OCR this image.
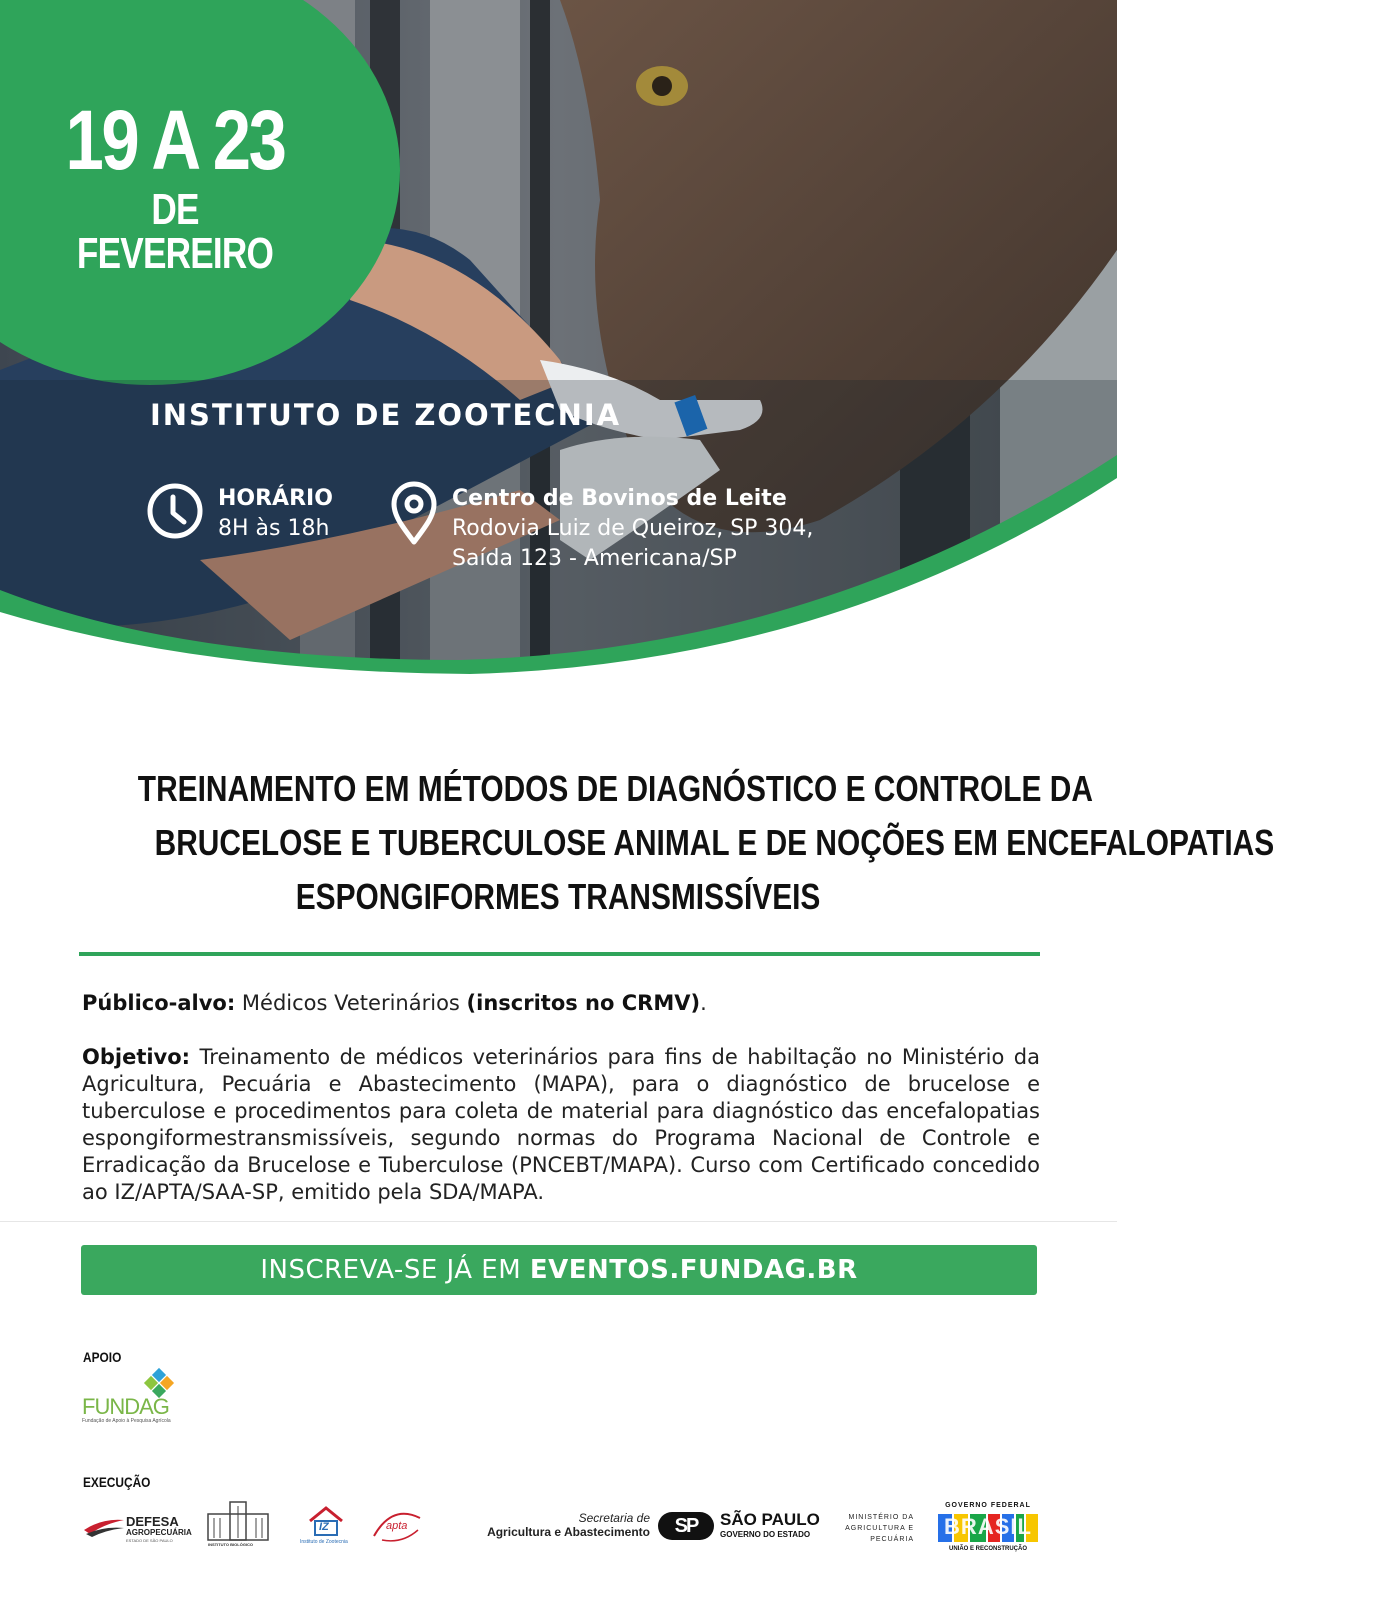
19 A 23
DE FEVEREIRO
INSTITUTO DE ZOOTECNIA
HORÁRIO
8H às 18h
Centro de Bovinos de Leite
Rodovia Luiz de Queiroz, SP 304,
Saída 123 - Americana/SP
TREINAMENTO EM MÉTODOS DE DIAGNÓSTICO E CONTROLE DA
BRUCELOSE E TUBERCULOSE ANIMAL E DE NOÇÕES EM ENCEFALOPATIAS
ESPONGIFORMES TRANSMISSÍVEIS
Público-alvo: Médicos Veterinários (inscritos no CRMV).
Objetivo: Treinamento de médicos veterinários para fins de habiltação no Ministério da Agricultura, Pecuária e Abastecimento (MAPA), para o diagnóstico de brucelose e tuberculose e procedimentos para coleta de material para diagnóstico das encefalopatias espongiformestransmissíveis, segundo normas do Programa Nacional de Controle e Erradicação da Brucelose e Tuberculose (PNCEBT/MAPA). Curso com Certificado concedido ao IZ/APTA/SAA-SP, emitido pela SDA/MAPA.
INSCREVA-SE JÁ EM EVENTOS.FUNDAG.BR
APOIO
FUNDAG
Fundação de Apoio à Pesquisa Agrícola
EXECUÇÃO
DEFESA
AGROPECUÁRIA
ESTADO DE SÃO PAULO
INSTITUTO BIOLÓGICO
IZ
Instituto de Zootecnia
apta
Secretaria de
Agricultura e Abastecimento	SP	SÃO PAULO
GOVERNO DO ESTADO
MINISTÉRIO DA
AGRICULTURA E
PECUÁRIA
GOVERNO FEDERAL
BRASIL
UNIÃO E RECONSTRUÇÃO
